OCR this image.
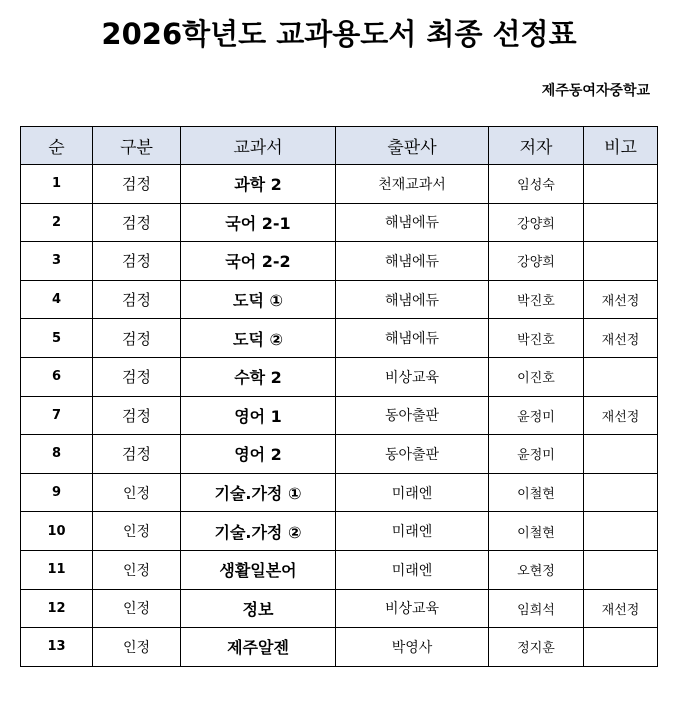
2026학년도 교과용도서 최종 선정표
제주동여자중학교
순	구분	교과서	출판사	저자	비고
1	검정	과학 2	천재교과서	임성숙	
2	검정	국어 2-1	해냄에듀	강양희	
3	검정	국어 2-2	해냄에듀	강양희	
4	검정	도덕 ①	해냄에듀	박진호	재선정
5	검정	도덕 ②	해냄에듀	박진호	재선정
6	검정	수학 2	비상교육	이진호	
7	검정	영어 1	동아출판	윤정미	재선정
8	검정	영어 2	동아출판	윤정미	
9	인정	기술.가정 ①	미래엔	이철현	
10	인정	기술.가정 ②	미래엔	이철현	
11	인정	생활일본어	미래엔	오현정	
12	인정	정보	비상교육	임희석	재선정
13	인정	제주알젠	박영사	정지훈	
